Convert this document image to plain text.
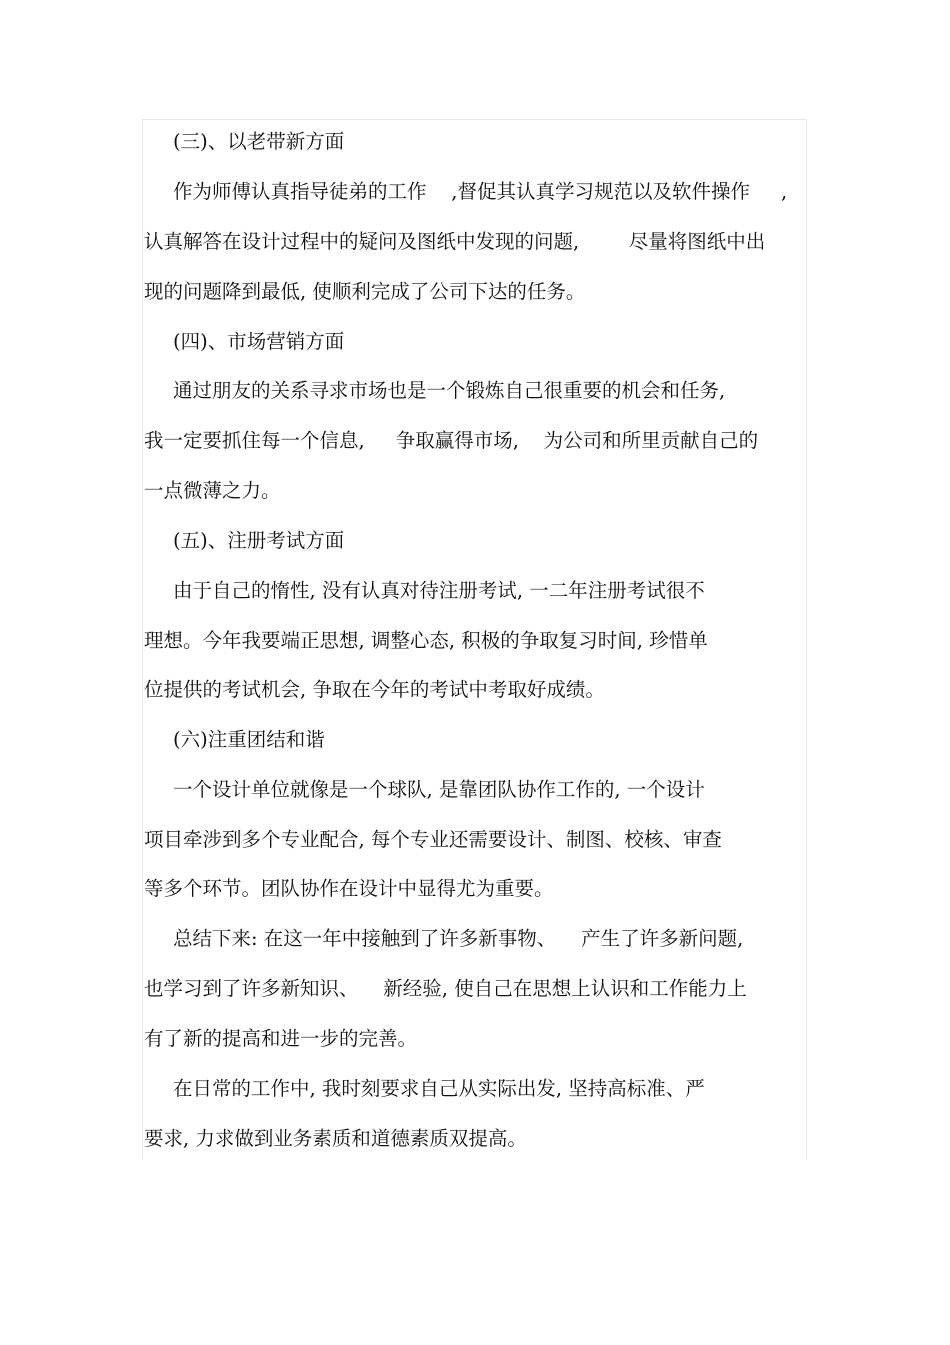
(三)、以老带新方面

作为师傅认真指导徒弟的工作    ,督促其认真学习规范以及软件操作     ,

认真解答在设计过程中的疑问及图纸中发现的问题,        尽量将图纸中出

现的问题降到最低, 使顺利完成了公司下达的任务。

(四)、市场营销方面

通过朋友的关系寻求市场也是一个锻炼自己很重要的机会和任务,

我一定要抓住每一个信息,     争取赢得市场,    为公司和所里贡献自己的

一点微薄之力。

(五)、注册考试方面

由于自己的惰性, 没有认真对待注册考试, 一二年注册考试很不

理想。今年我要端正思想, 调整心态, 积极的争取复习时间, 珍惜单

位提供的考试机会, 争取在今年的考试中考取好成绩。

(六)注重团结和谐

一个设计单位就像是一个球队, 是靠团队协作工作的, 一个设计

项目牵涉到多个专业配合, 每个专业还需要设计、制图、校核、审查

等多个环节。团队协作在设计中显得尤为重要。

总结下来: 在这一年中接触到了许多新事物、    产生了许多新问题,

也学习到了许多新知识、    新经验, 使自己在思想上认识和工作能力上

有了新的提高和进一步的完善。

在日常的工作中, 我时刻要求自己从实际出发, 坚持高标准、严

要求, 力求做到业务素质和道德素质双提高。
